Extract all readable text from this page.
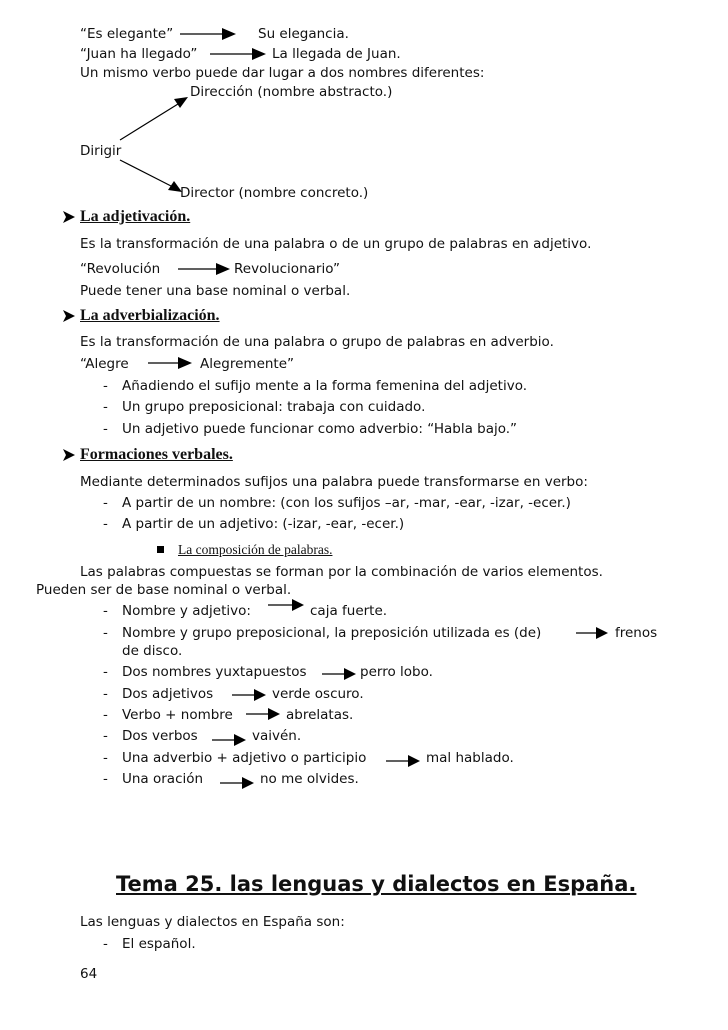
“Es elegante”	Su elegancia.
“Juan ha llegado”	La llegada de Juan.
Un mismo verbo puede dar lugar a dos nombres diferentes:
Dirección (nombre abstracto.)
Dirigir
Director (nombre concreto.)
La adjetivación.
Es la transformación de una palabra o de un grupo de palabras en adjetivo.
“Revolución	Revolucionario”
Puede tener una base nominal o verbal.
La adverbialización.
Es la transformación de una palabra o grupo de palabras en adverbio.
“Alegre	Alegremente”
- Añadiendo el sufijo mente a la forma femenina del adjetivo.
- Un grupo preposicional: trabaja con cuidado.
- Un adjetivo puede funcionar como adverbio: “Habla bajo.”
Formaciones verbales.
Mediante determinados sufijos una palabra puede transformarse en verbo:
- A partir de un nombre: (con los sufijos –ar, -mar, -ear, -izar, -ecer.)
- A partir de un adjetivo: (-izar, -ear, -ecer.)
La composición de palabras.
Las palabras compuestas se forman por la combinación de varios elementos.
Pueden ser de base nominal o verbal.
- Nombre y adjetivo:	caja fuerte.
- Nombre y grupo preposicional, la preposición utilizada es (de)	frenos
de disco.
- Dos nombres yuxtapuestos	perro lobo.
- Dos adjetivos	verde oscuro.
- Verbo + nombre	abrelatas.
- Dos verbos	vaivén.
- Una adverbio + adjetivo o participio	mal hablado.
- Una oración	no me olvides.
Tema 25. las lenguas y dialectos en España.
Las lenguas y dialectos en España son:
- El español.
64
